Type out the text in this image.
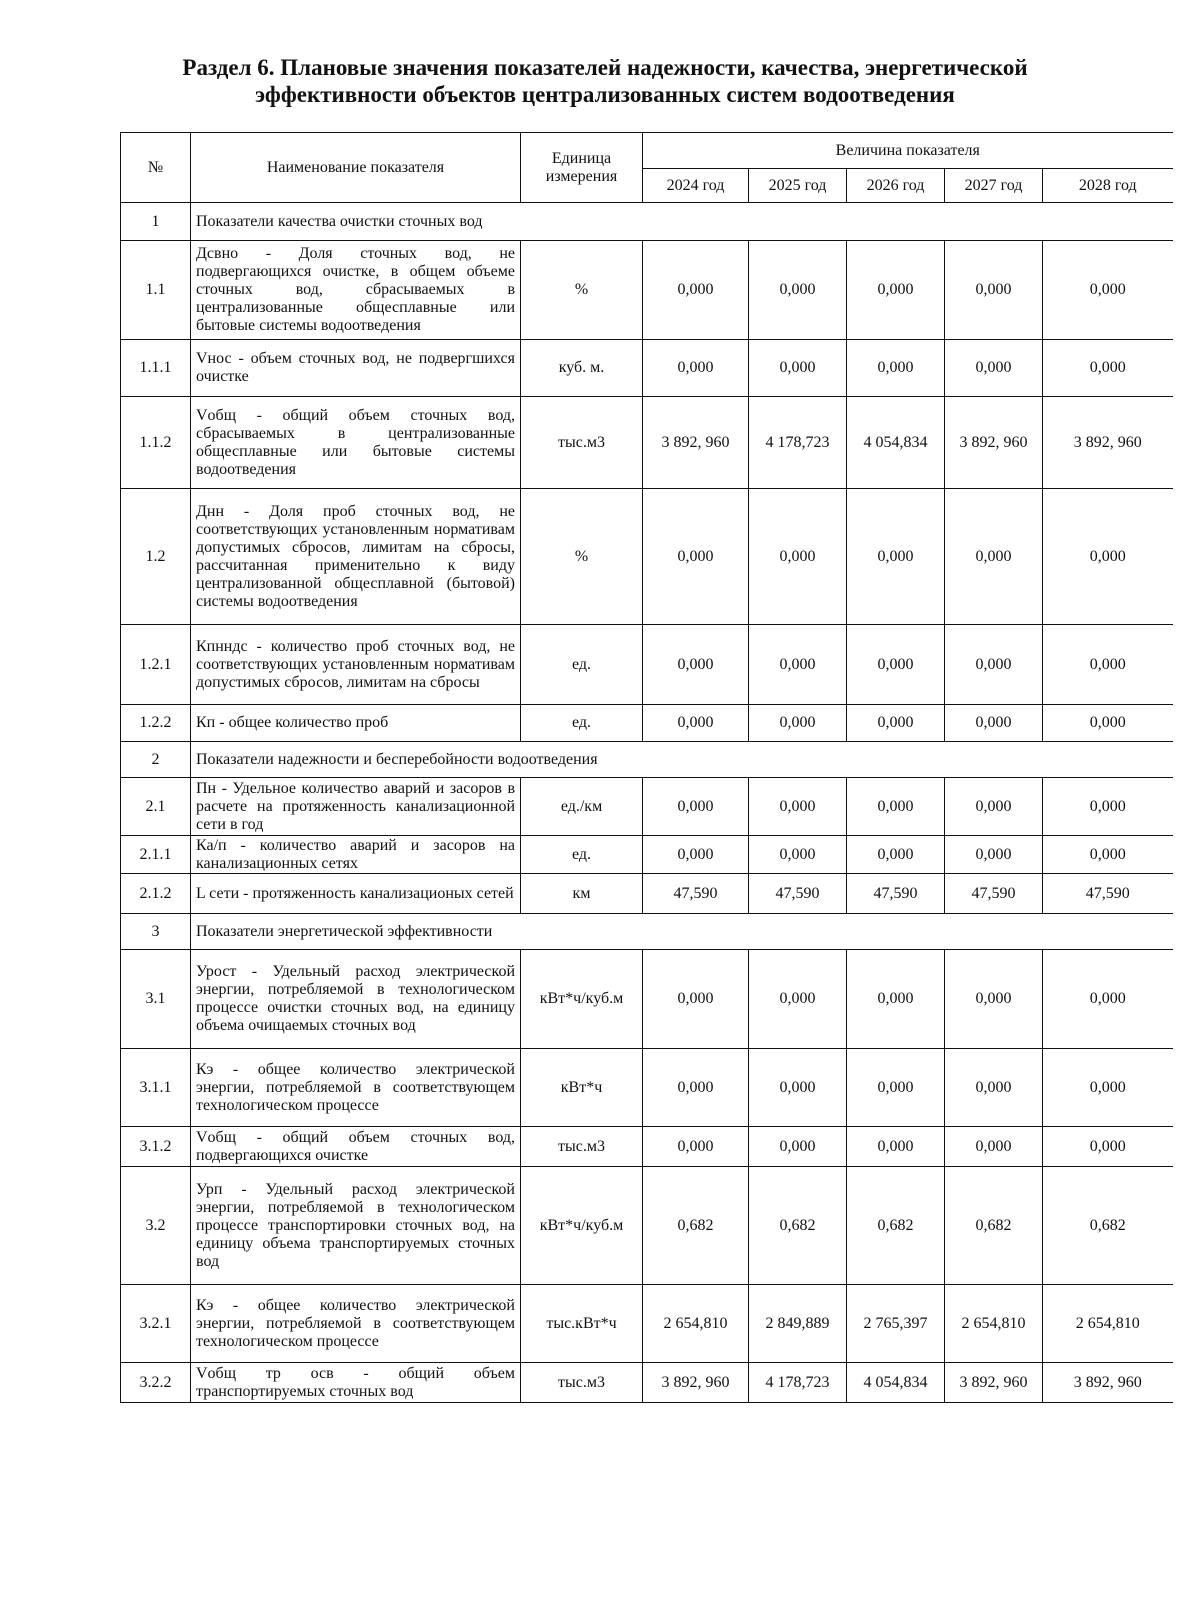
Раздел 6. Плановые значения показателей надежности, качества, энергетической
эффективности объектов централизованных систем водоотведения
№	Наименование показателя	Единица измерения	Величина показателя				
			2024 год	2025 год	2026 год	2027 год	2028 год
1	Показатели качества очистки сточных вод						
1.1	Дсвно - Доля сточных вод, не подвергающихся очистке, в общем объеме сточных вод, сбрасываемых в централизованные общесплавные или бытовые системы водоотведения	%	0,000	0,000	0,000	0,000	0,000
1.1.1	Vнос - объем сточных вод, не подвергшихся очистке	куб. м.	0,000	0,000	0,000	0,000	0,000
1.1.2	Vобщ - общий объем сточных вод, сбрасываемых в централизованные общесплавные или бытовые системы водоотведения	тыс.м3	3 892, 960	4 178,723	4 054,834	3 892, 960	3 892, 960
1.2	Днн - Доля проб сточных вод, не соответствующих установленным нормативам допустимых сбросов, лимитам на сбросы, рассчитанная применительно к виду централизованной общесплавной (бытовой) системы водоотведения	%	0,000	0,000	0,000	0,000	0,000
1.2.1	Кпнндс - количество проб сточных вод, не соответствующих установленным нормативам допустимых сбросов, лимитам на сбросы	ед.	0,000	0,000	0,000	0,000	0,000
1.2.2	Кп - общее количество проб	ед.	0,000	0,000	0,000	0,000	0,000
2	Показатели надежности и бесперебойности водоотведения						
2.1	Пн - Удельное количество аварий и засоров в расчете на протяженность канализационной сети в год	ед./км	0,000	0,000	0,000	0,000	0,000
2.1.1	Ка/п - количество аварий и засоров на канализационных сетях	ед.	0,000	0,000	0,000	0,000	0,000
2.1.2	L сети - протяженность канализационых сетей	км	47,590	47,590	47,590	47,590	47,590
3	Показатели энергетической эффективности						
3.1	Урост - Удельный расход электрической энергии, потребляемой в технологическом процессе очистки сточных вод, на единицу объема очищаемых сточных вод	кВт*ч/куб.м	0,000	0,000	0,000	0,000	0,000
3.1.1	Кэ - общее количество электрической энергии, потребляемой в соответствующем технологическом процессе	кВт*ч	0,000	0,000	0,000	0,000	0,000
3.1.2	Vобщ - общий объем сточных вод, подвергающихся очистке	тыс.м3	0,000	0,000	0,000	0,000	0,000
3.2	Урп - Удельный расход электрической энергии, потребляемой в технологическом процессе транспортировки сточных вод, на единицу объема транспортируемых сточных вод	кВт*ч/куб.м	0,682	0,682	0,682	0,682	0,682
3.2.1	Кэ - общее количество электрической энергии, потребляемой в соответствующем технологическом процессе	тыс.кВт*ч	2 654,810	2 849,889	2 765,397	2 654,810	2 654,810
3.2.2	Vобщ тр осв - общий объем транспортируемых сточных вод	тыс.м3	3 892, 960	4 178,723	4 054,834	3 892, 960	3 892, 960
